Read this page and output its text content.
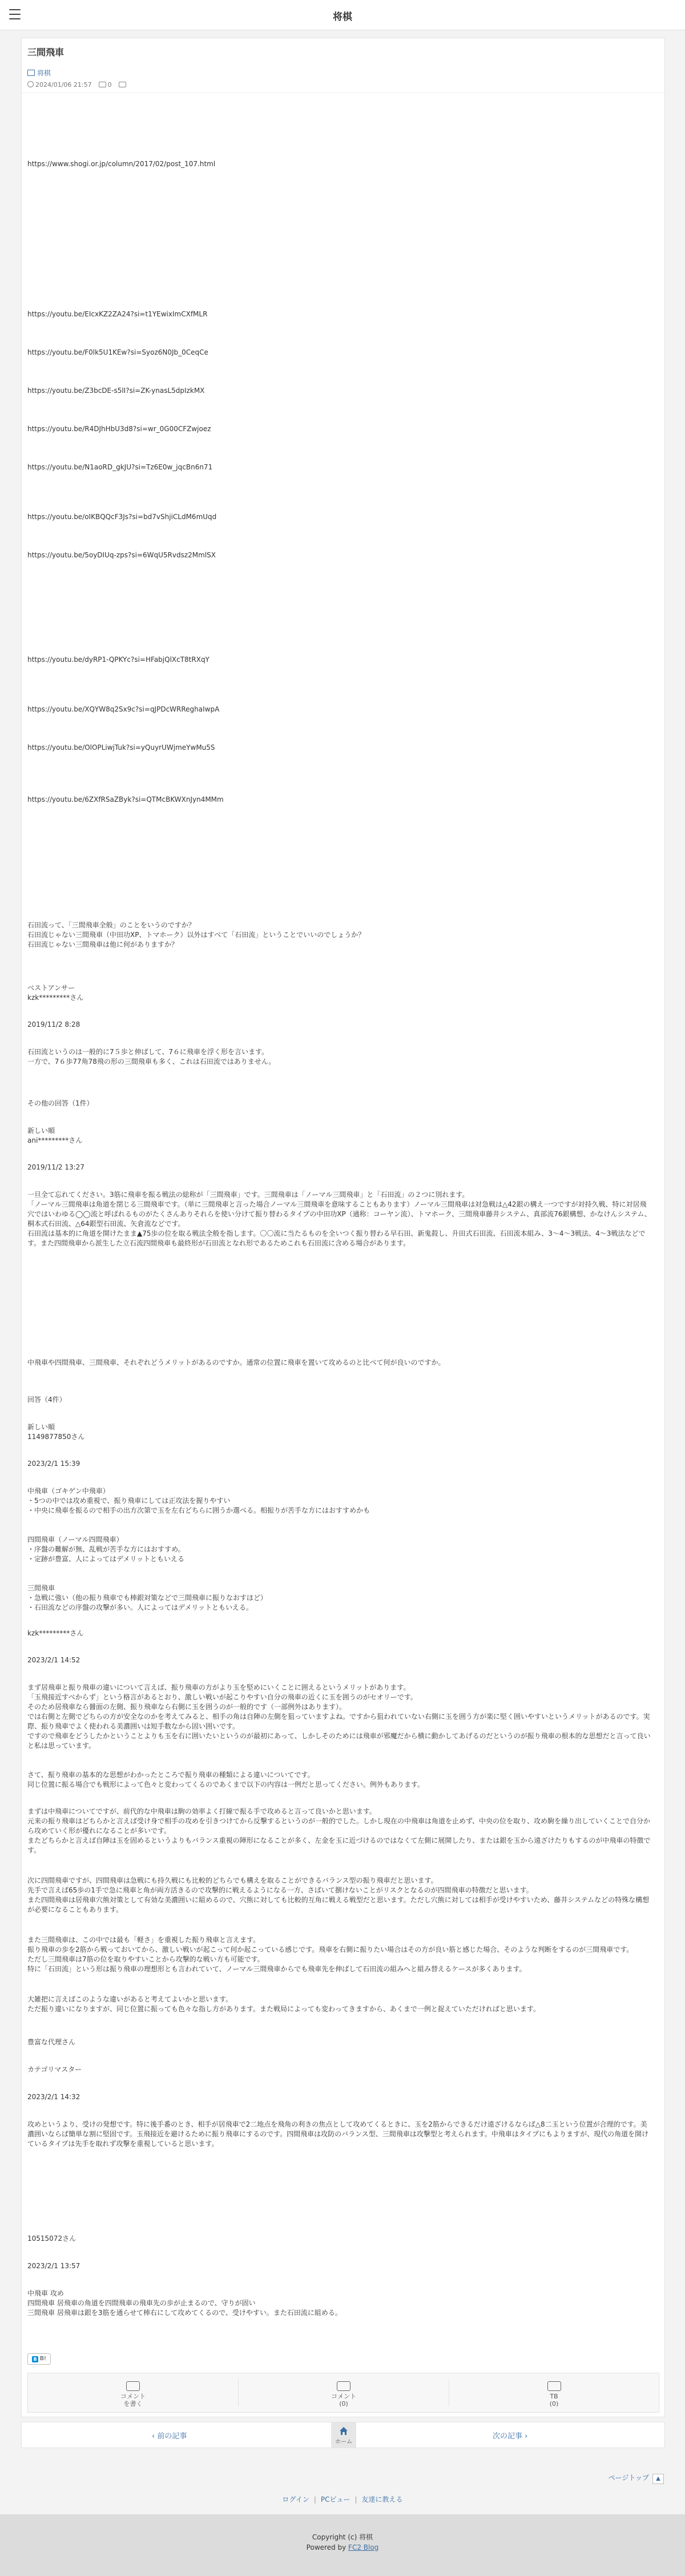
将棋
三間飛車
将棋
2024/01/06 21:57	0

https://www.shogi.or.jp/column/2017/02/post_107.html

https://youtu.be/EIcxKZ2ZA24?si=t1YEwixImCXfMLR

https://youtu.be/F0lk5U1KEw?si=Syoz6N0Jb_0CeqCe

https://youtu.be/Z3bcDE-s5lI?si=ZK-ynasL5dpIzkMX

https://youtu.be/R4DJhHbU3d8?si=wr_0G00CFZwjoez

https://youtu.be/N1aoRD_gkJU?si=Tz6E0w_jqcBn6n71

https://youtu.be/oIKBQQcF3Js?si=bd7vShjiCLdM6mUqd

https://youtu.be/5oyDIUq-zps?si=6WqU5Rvdsz2MmlSX

https://youtu.be/dyRP1-QPKYc?si=HFabjQlXcT8tRXqY

https://youtu.be/XQYW8q2Sx9c?si=qJPDcWRReghaIwpA

https://youtu.be/OlOPLiwjTuk?si=yQuyrUWjmeYwMu5S

https://youtu.be/6ZXfRSaZByk?si=QTMcBKWXnJyn4MMm

石田流って、「三間飛車全般」のことをいうのですか？
石田流じゃない三間飛車（中田功XP、トマホーク）以外はすべて「石田流」ということでいいのでしょうか？
石田流じゃない三間飛車は他に何がありますか？

ベストアンサー
kzk*********さん

2019/11/2 8:28

石田流というのは一般的に7５歩と伸ばして、7６に飛車を浮く形を言います。
一方で、7６歩77角78飛の形の三間飛車も多く、これは石田流ではありません。

その他の回答（1件）

新しい順
ani*********さん

2019/11/2 13:27

一旦全て忘れてください。3筋に飛車を振る戦法の総称が「三間飛車」です。三間飛車は「ノーマル三間飛車」と「石田流」の２つに別れます。
「ノーマル三間飛車は角道を閉じる三間飛車です。（単に三間飛車と言った場合ノーマル三間飛車を意味することもあります）ノーマル三間飛車は対急戦は△42銀の構え一つですが対持久戦、特に対居飛穴ではいわゆる◯◯流と呼ばれるものがたくさんありそれらを使い分けて振り替わるタイプの中田功XP（通称：コーヤン流）、トマホーク、三間飛車藤井システム、真部流76銀構想、かなけんシステム、桐本式石田流、△64銀型石田流、矢倉流などです。
石田流は基本的に角道を開けたまま▲75歩の位を取る戦法全般を指します。〇〇流に当たるものを全いつく振り替わる早石田、新鬼殺し、升田式石田流、石田流本組み、3〜4〜3戦法、4〜3戦法などです。また四間飛車から派生した立石流四間飛車も最終形が石田流となれ形であるためこれも石田流に含める場合があります。

中飛車や四間飛車、三間飛車、それぞれどうメリットがあるのですか。通常の位置に飛車を置いて攻めるのと比べて何が良いのですか。

回答（4件）

新しい順
1149877850さん

2023/2/1 15:39

中飛車（ゴキゲン中飛車）
・5つの中では攻め重視で、振り飛車にしては正攻法を握りやすい
・中央に飛車を振るので相手の出方次第で玉を左右どちらに囲うか選べる。相振りが苦手な方にはおすすめかも

四間飛車（ノーマル四間飛車）
・序盤の難解が無、乱戦が苦手な方にはおすすめ。
・定跡が豊富、人によってはデメリットともいえる

三間飛車
・急戦に強い（他の振り飛車でも棒銀対策などで三間飛車に振りなおすほど）
・石田流などの序盤の攻撃が多い。人によってはデメリットともいえる。

kzk*********さん

2023/2/1 14:52

まず居飛車と振り飛車の違いについて言えば、振り飛車の方がより玉を堅めにいくことに囲えるというメリットがあります。
「玉飛接近すべからず」という格言があるとおり、激しい戦いが起こりやすい自分の飛車の近くに玉を囲うのがセオリーです。
そのため居飛車なら醤面の左側、振り飛車なら右側に玉を囲うのが一般的です（一部例外はあります）。
では右側と左側でどちらの方が安全なのかを考えてみると、相手の角は自陣の左側を狙っていますよね。ですから狙われていない右側に玉を囲う方が楽に堅く囲いやすいというメリットがあるのです。実際、振り飛車でよく使われる美濃囲いは短手数なから固い囲いです。
ですので飛車をどうしたかということよりも玉を右に囲いたいというのが最初にあって、しかしそのためには飛車が邪魔だから横に動かしてあげるのだというのが振り飛車の根本的な思想だと言って良いと私は思っています。

さて、振り飛車の基本的な思想がわかったところで振り飛車の種類による違いについてです。
同じ位置に振る場合でも戦形によって色々と変わってくるのであくまで以下の内容は一例だと思ってください。例外もあります。

まずは中飛車についてですが、前代的な中飛車は駒の効率よく打線で振る手で攻めると言って良いかと思います。
元来の振り飛車はどちらかと言えば受け身で相手の攻めを引きつけてから反撃するというのが一般的でした。しかし現在の中飛車は角道を止めず、中央の位を取り、攻め駒を繰り出していくことで自分から攻めていく形が優れになることが多いです。
またどちらかと言えば自陣は玉を固めるというよりもバランス重視の陣形になることが多く、左金を玉に近づけるのではなくて左側に展開したり、または銀を玉から遠ざけたりもするのが中飛車の特徴です。

次に四間飛車ですが、四間飛車は急戦にも持久戦にも比較的どちらでも構えを取ることができるバランス型の振り飛車だと思います。
先手で言えば65歩の1手で急に飛車と角が両方活きるので攻撃的に戦えるようになる一方、さばいて捌けないことがリスクとなるのが四間飛車の特徴だと思います。
また四間飛車は居飛車穴熊対策として有効な美濃囲いに組めるので、穴熊に対しても比較的互角に戦える戦型だと思います。ただし穴熊に対しては相手が受けやすいため、藤井システムなどの特殊な構想が必要になることもあります。

また三間飛車は、この中では最も「軽さ」を重視した振り飛車と言えます。
振り飛車の歩を2筋から戦っておいてから、激しい戦いが起こって何か起こっている感じです。飛車を右側に振りたい場合はその方が良い筋と感じた場合、そのような判断をするのが三間飛車です。
ただし三間飛車は7筋の位を取りやすいことから攻撃的な戦い方も可能です。
特に「石田流」という形は振り飛車の理想形とも言われていて、ノーマル三間飛車からでも飛車先を伸ばして石田流の組みへと組み替えるケースが多くあります。

大雑把に言えばこのような違いがあると考えてよいかと思います。
ただ振り違いになりますが、同じ位置に振っても色々な指し方があります。また戦局によっても変わってきますから、あくまで一例と捉えていただければと思います。

豊富な代理さん

カテゴリマスター

2023/2/1 14:32

攻めというより、受けの発想です。特に後手番のとき、相手が居飛車で2二地点を飛角の利きの焦点として攻めてくるときに、玉を2筋からできるだけ遠ざけるならば△8二玉という位置が合理的です。美濃囲いならば簡単な割に堅固です。玉飛接近を避けるために振り飛車にするのです。四間飛車は攻防のバランス型、三間飛車は攻撃型と考えられます。中飛車はタイプにもよりますが、現代の角道を開けているタイプは先手を取れず攻撃を重視していると思います。

10515072さん

2023/2/1 13:57

中飛車 攻め
四間飛車 居飛車の角道を四間飛車の飛車先の歩が止まるので、守りが固い
三間飛車 居飛車は銀を3筋を通らせて棒右にして攻めてくるので、受けやすい。また石田流に組める。

B B!
コメント
を書く
コメント
(0)
TB
(0)
‹ 前の記事
ホーム
次の記事 ›
ページトップ ▲
ログイン | PCビュー | 友達に教える
Copyright (c) 将棋
Powered by FC2 Blog
